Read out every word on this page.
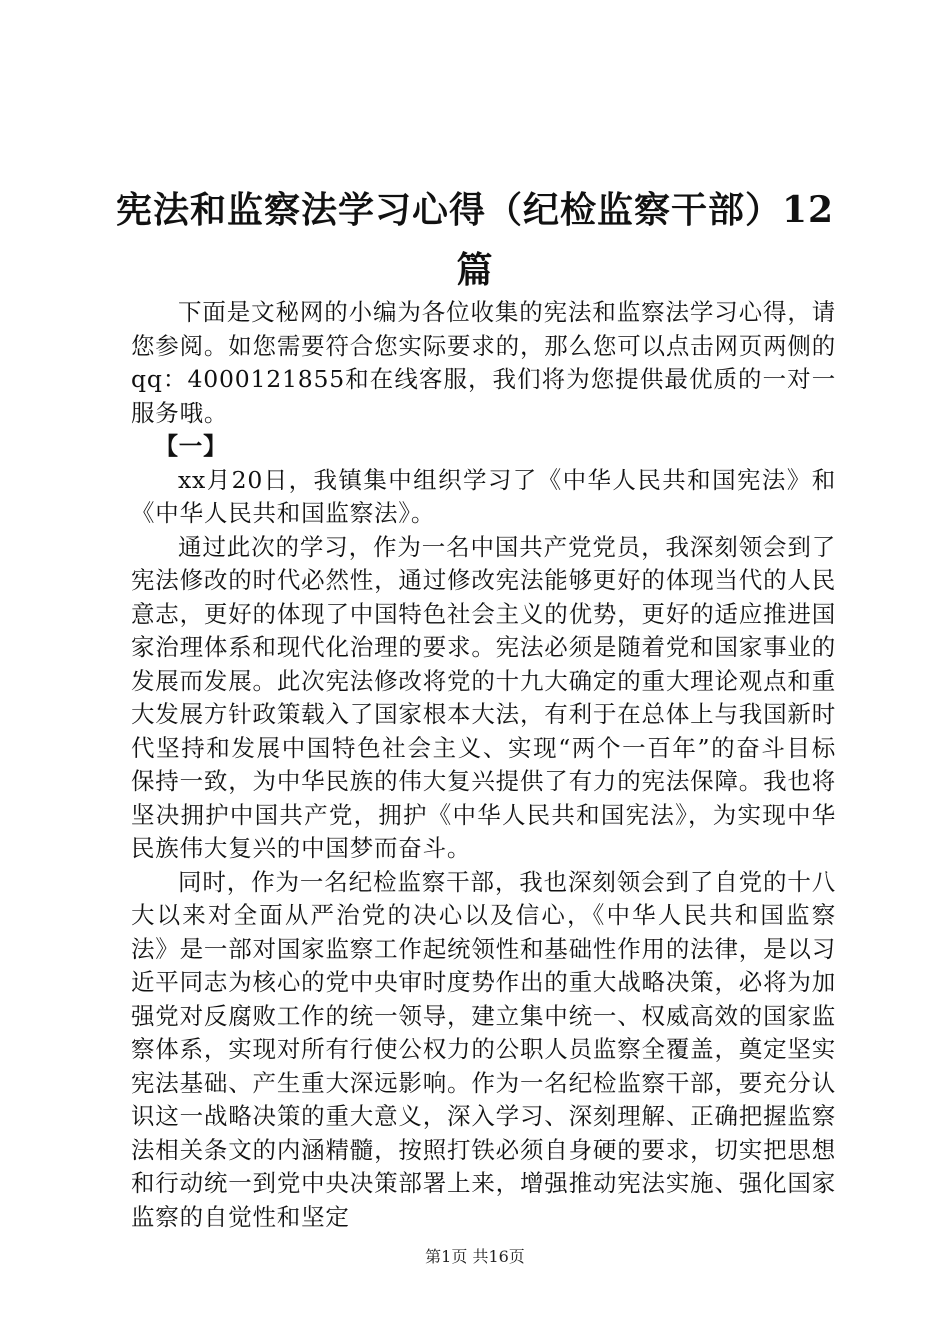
宪法和监察法学习心得（纪检监察干部）12篇

下面是文秘网的小编为各位收集的宪法和监察法学习心得，请您参阅。如您需要符合您实际要求的，那么您可以点击网页两侧的qq：4000121855和在线客服，我们将为您提供最优质的一对一服务哦。

【一】

xx月20日，我镇集中组织学习了《中华人民共和国宪法》和《中华人民共和国监察法》。

通过此次的学习，作为一名中国共产党党员，我深刻领会到了宪法修改的时代必然性，通过修改宪法能够更好的体现当代的人民意志，更好的体现了中国特色社会主义的优势，更好的适应推进国家治理体系和现代化治理的要求。宪法必须是随着党和国家事业的发展而发展。此次宪法修改将党的十九大确定的重大理论观点和重大发展方针政策载入了国家根本大法，有利于在总体上与我国新时代坚持和发展中国特色社会主义、实现“两个一百年”的奋斗目标保持一致，为中华民族的伟大复兴提供了有力的宪法保障。我也将坚决拥护中国共产党，拥护《中华人民共和国宪法》，为实现中华民族伟大复兴的中国梦而奋斗。

同时，作为一名纪检监察干部，我也深刻领会到了自党的十八大以来对全面从严治党的决心以及信心，《中华人民共和国监察法》是一部对国家监察工作起统领性和基础性作用的法律，是以习近平同志为核心的党中央审时度势作出的重大战略决策，必将为加强党对反腐败工作的统一领导，建立集中统一、权威高效的国家监察体系，实现对所有行使公权力的公职人员监察全覆盖，奠定坚实宪法基础、产生重大深远影响。作为一名纪检监察干部，要充分认识这一战略决策的重大意义，深入学习、深刻理解、正确把握监察法相关条文的内涵精髓，按照打铁必须自身硬的要求，切实把思想和行动统一到党中央决策部署上来，增强推动宪法实施、强化国家监察的自觉性和坚定

第1页 共16页
